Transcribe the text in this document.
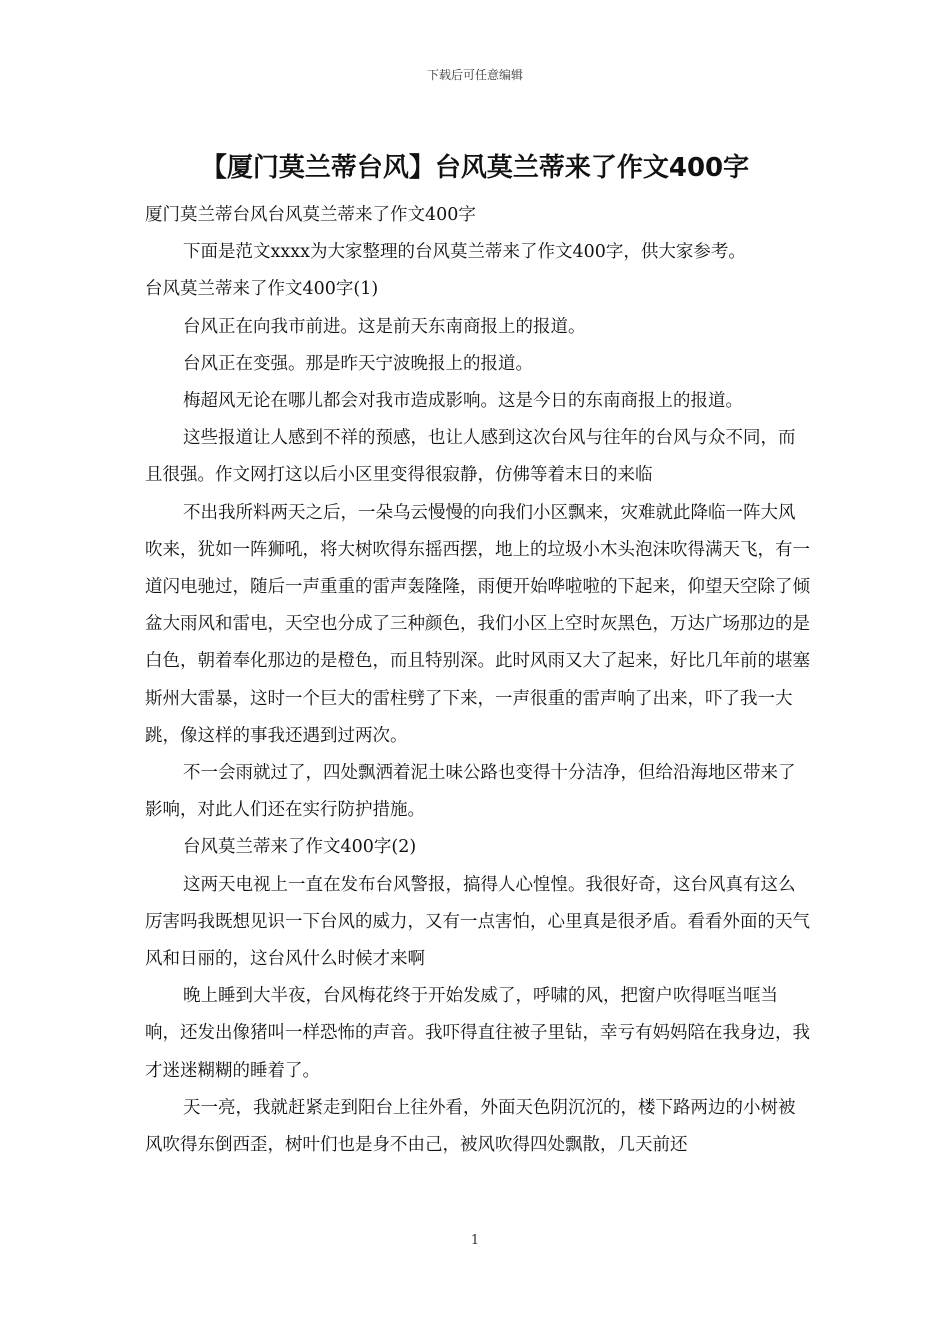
下载后可任意编辑
【厦门莫兰蒂台风】台风莫兰蒂来了作文400字

厦门莫兰蒂台风台风莫兰蒂来了作文400字

下面是范文xxxx为大家整理的台风莫兰蒂来了作文400字，供大家参考。

台风莫兰蒂来了作文400字(1)

台风正在向我市前进。这是前天东南商报上的报道。

台风正在变强。那是昨天宁波晚报上的报道。

梅超风无论在哪儿都会对我市造成影响。这是今日的东南商报上的报道。

这些报道让人感到不祥的预感，也让人感到这次台风与往年的台风与众不同，而且很强。作文网打这以后小区里变得很寂静，仿佛等着末日的来临

不出我所料两天之后，一朵乌云慢慢的向我们小区飘来，灾难就此降临一阵大风吹来，犹如一阵狮吼，将大树吹得东摇西摆，地上的垃圾小木头泡沫吹得满天飞，有一道闪电驰过，随后一声重重的雷声轰隆隆，雨便开始哗啦啦的下起来，仰望天空除了倾盆大雨风和雷电，天空也分成了三种颜色，我们小区上空时灰黑色，万达广场那边的是白色，朝着奉化那边的是橙色，而且特别深。此时风雨又大了起来，好比几年前的堪塞斯州大雷暴，这时一个巨大的雷柱劈了下来，一声很重的雷声响了出来，吓了我一大跳，像这样的事我还遇到过两次。

不一会雨就过了，四处飘洒着泥土味公路也变得十分洁净，但给沿海地区带来了影响，对此人们还在实行防护措施。

台风莫兰蒂来了作文400字(2)

这两天电视上一直在发布台风警报，搞得人心惶惶。我很好奇，这台风真有这么厉害吗我既想见识一下台风的威力，又有一点害怕，心里真是很矛盾。看看外面的天气风和日丽的，这台风什么时候才来啊

晚上睡到大半夜，台风梅花终于开始发威了，呼啸的风，把窗户吹得哐当哐当响，还发出像猪叫一样恐怖的声音。我吓得直往被子里钻，幸亏有妈妈陪在我身边，我才迷迷糊糊的睡着了。

天一亮，我就赶紧走到阳台上往外看，外面天色阴沉沉的，楼下路两边的小树被风吹得东倒西歪，树叶们也是身不由己，被风吹得四处飘散，几天前还

1
